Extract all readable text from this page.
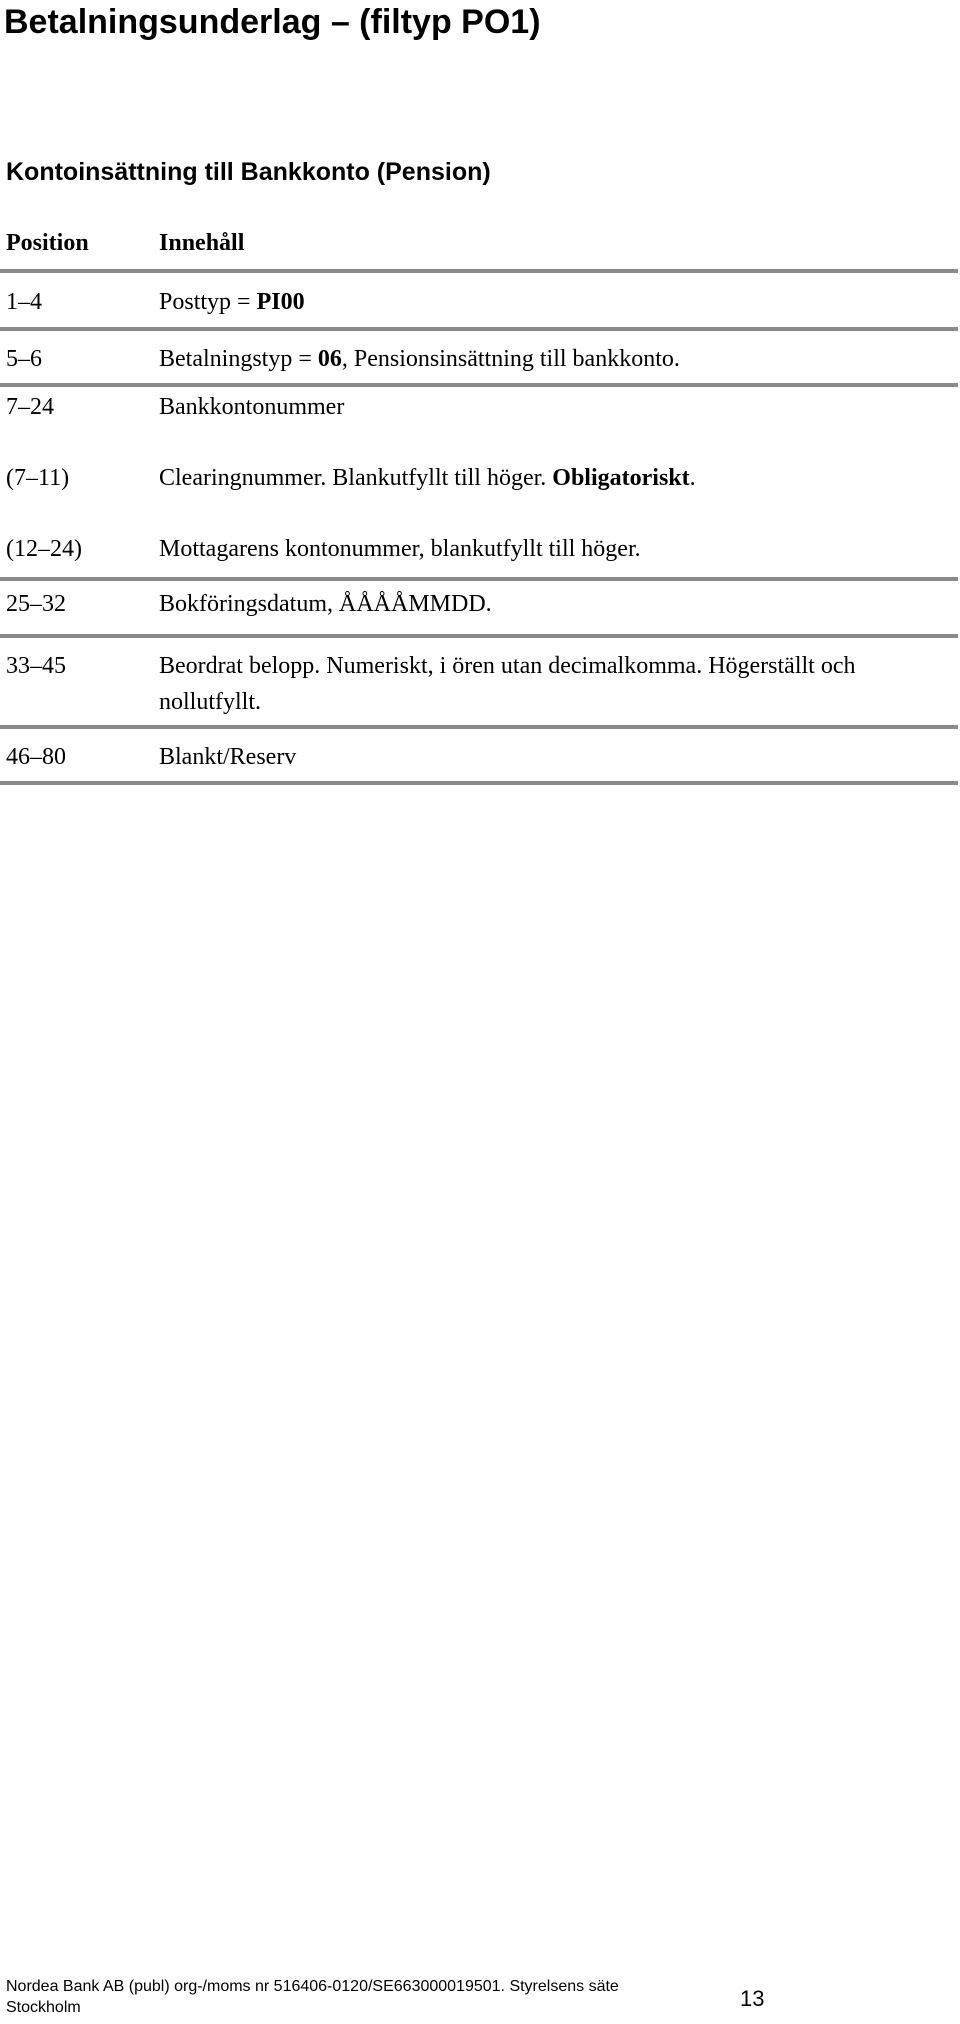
Betalningsunderlag – (filtyp PO1)
Kontoinsättning till Bankkonto (Pension)
Position	Innehåll
1–4	Posttyp = PI00
5–6	Betalningstyp = 06, Pensionsinsättning till bankkonto.
7–24	Bankkontonummer
(7–11)	Clearingnummer. Blankutfyllt till höger. Obligatoriskt.
(12–24)	Mottagarens kontonummer, blankutfyllt till höger.
25–32	Bokföringsdatum, ÅÅÅÅMMDD.
33–45	Beordrat belopp. Numeriskt, i ören utan decimalkomma. Högerställt och nollutfyllt.
46–80	Blankt/Reserv
Nordea Bank AB (publ) org-/moms nr 516406-0120/SE663000019501. Styrelsens säte Stockholm	13
